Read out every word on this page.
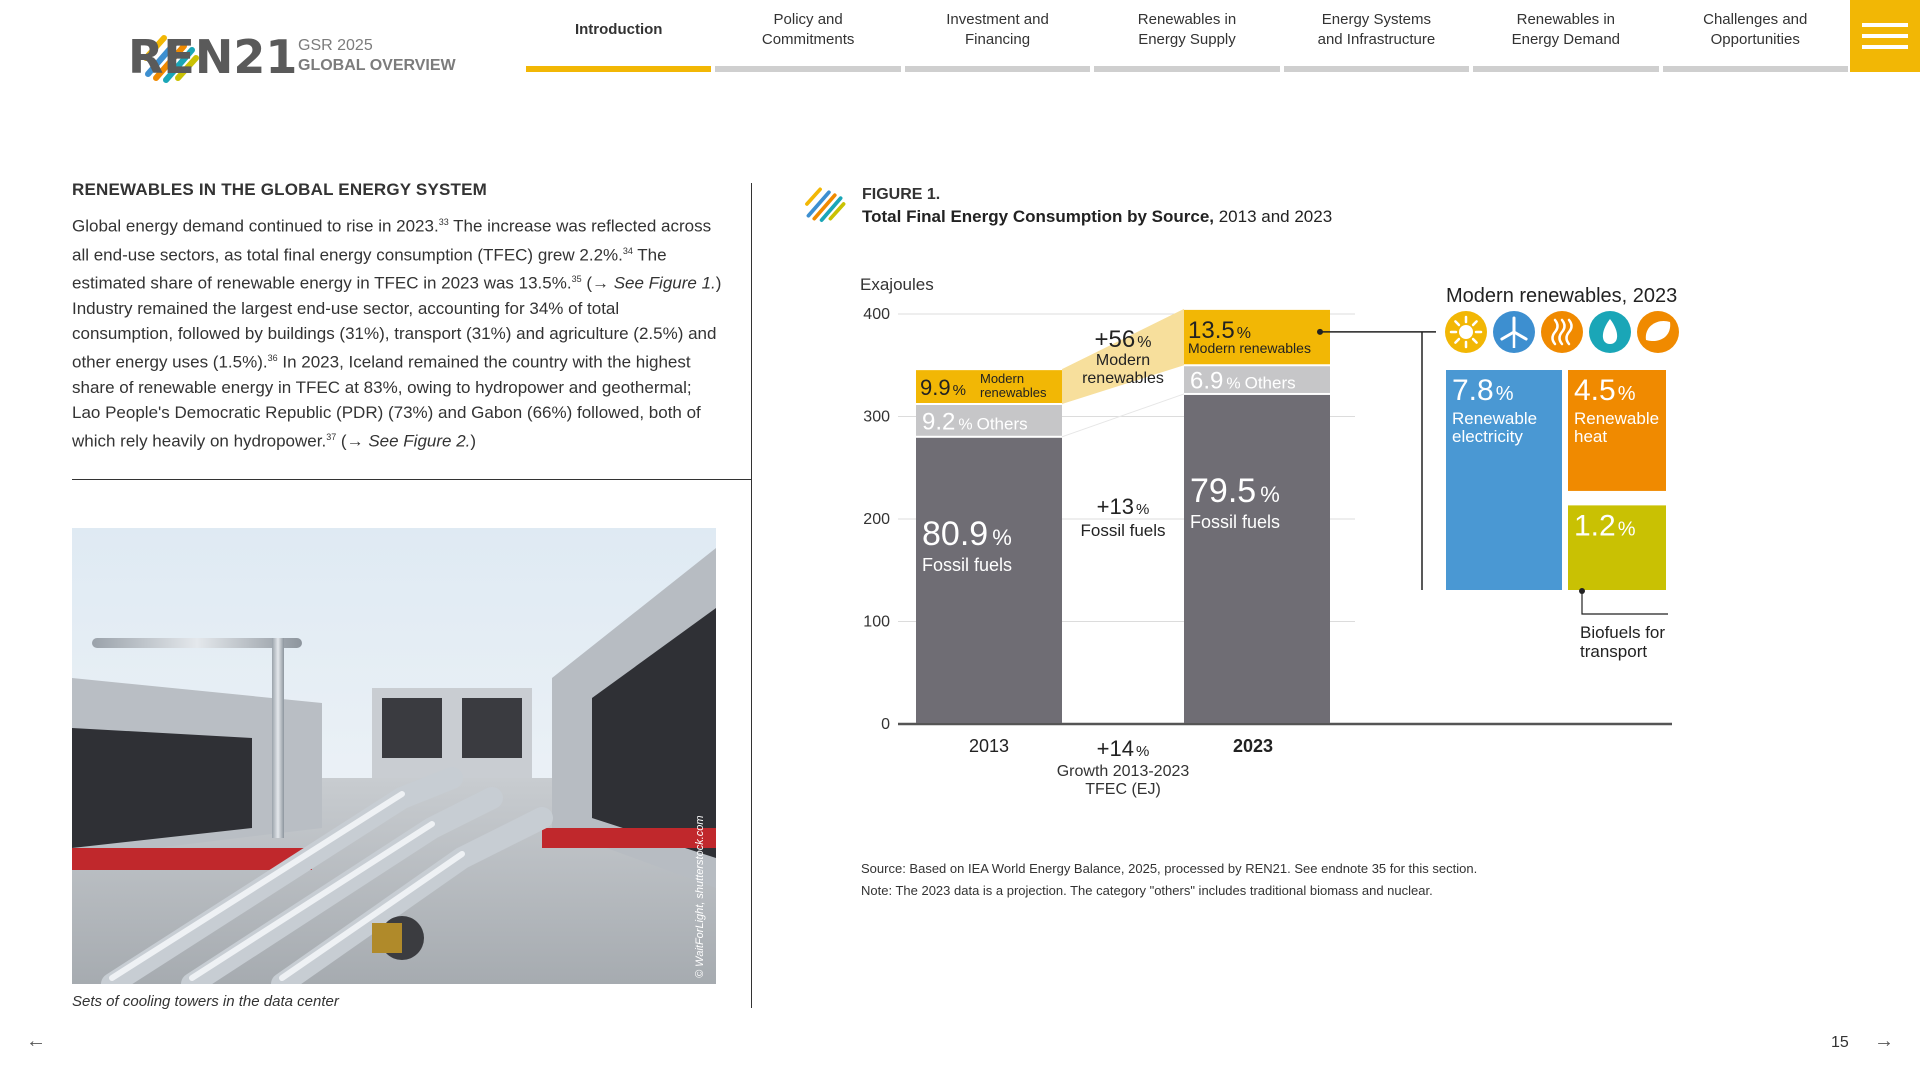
REN21 GSR 2025
GLOBAL OVERVIEW
Introduction
Policy and
Commitments
Investment and
Financing
Renewables in
Energy Supply
Energy Systems
and Infrastructure
Renewables in
Energy Demand
Challenges and
Opportunities
RENEWABLES IN THE GLOBAL ENERGY SYSTEM
Global energy demand continued to rise in 2023.33 The increase was reflected across all end-use sectors, as total final energy consumption (TFEC) grew 2.2%.$^{34}$ The estimated share of renewable energy in TFEC in 2023 was 13.5%.$^{35}$ (→ See Figure 1.) Industry remained the largest end-use sector, accounting for 34% of total consumption, followed by buildings (31%), transport (31%) and agriculture (2.5%) and other energy uses (1.5%).$^{36}$ In 2023, Iceland remained the country with the highest share of renewable energy in TFEC at 83%, owing to hydropower and geothermal; Lao People's Democratic Republic (PDR) (73%) and Gabon (66%) followed, both of which rely heavily on hydropower.$^{37}$ (→ See Figure 2.)
© WaitForLight, shutterstock.com
Sets of cooling towers in the data center
FIGURE 1.
Total Final Energy Consumption by Source, 2013 and 2023
Exajoules
0
100
200
300
400
2013	2023
80.9 %
Fossil fuels
9.2 % Others
9.9 %
Modern
renewables
79.5 %
Fossil fuels
6.9 % Others
13.5 %
Modern renewables
+56 %
Modern
renewables
+13 %
Fossil fuels
+14 %
Growth 2013-2023
TFEC (EJ)
Modern renewables, 2023
7.8 %
Renewable
electricity
4.5 %
Renewable
heat
1.2 %
Biofuels for
transport
Source: Based on IEA World Energy Balance, 2025, processed by REN21. See endnote 35 for this section.
Note: The 2023 data is a projection. The category "others" includes traditional biomass and nuclear.
←	15 →
